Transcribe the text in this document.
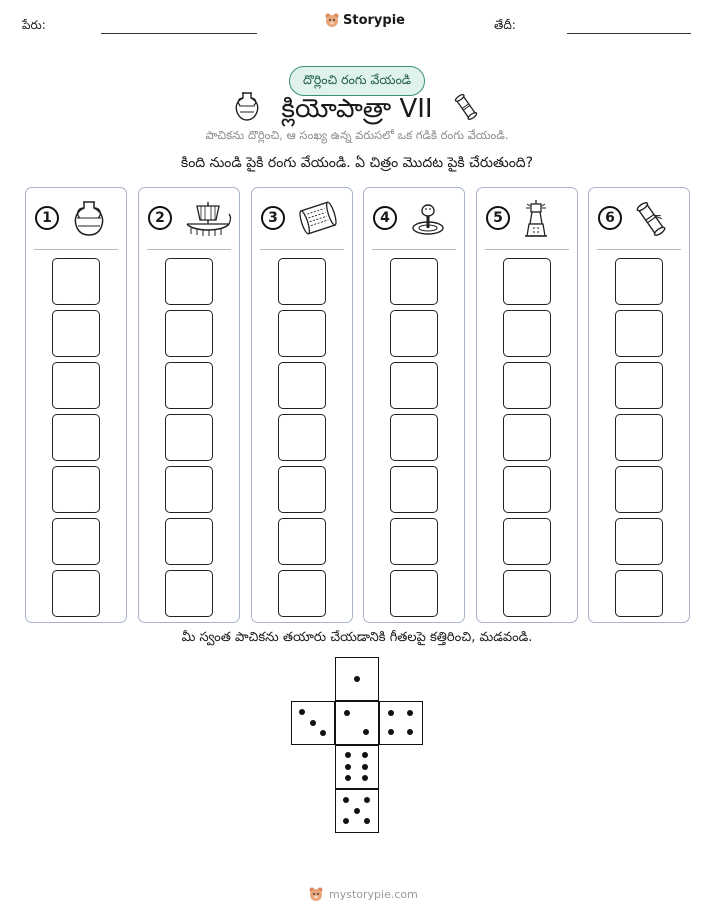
పేరు:	Storypie	తేదీ:
దొర్లించి రంగు వేయండి
క్లియోపాత్రా VII
పాచికను దొర్లించి, ఆ సంఖ్య ఉన్న వరుసలో ఒక గడికి రంగు వేయండి.
కింది నుండి పైకి రంగు వేయండి. ఏ చిత్రం మొదట పైకి చేరుతుంది?
1	2	3	4	5	6
మీ స్వంత పాచికను తయారు చేయడానికి గీతలపై కత్తిరించి, మడవండి.
mystorypie.com
